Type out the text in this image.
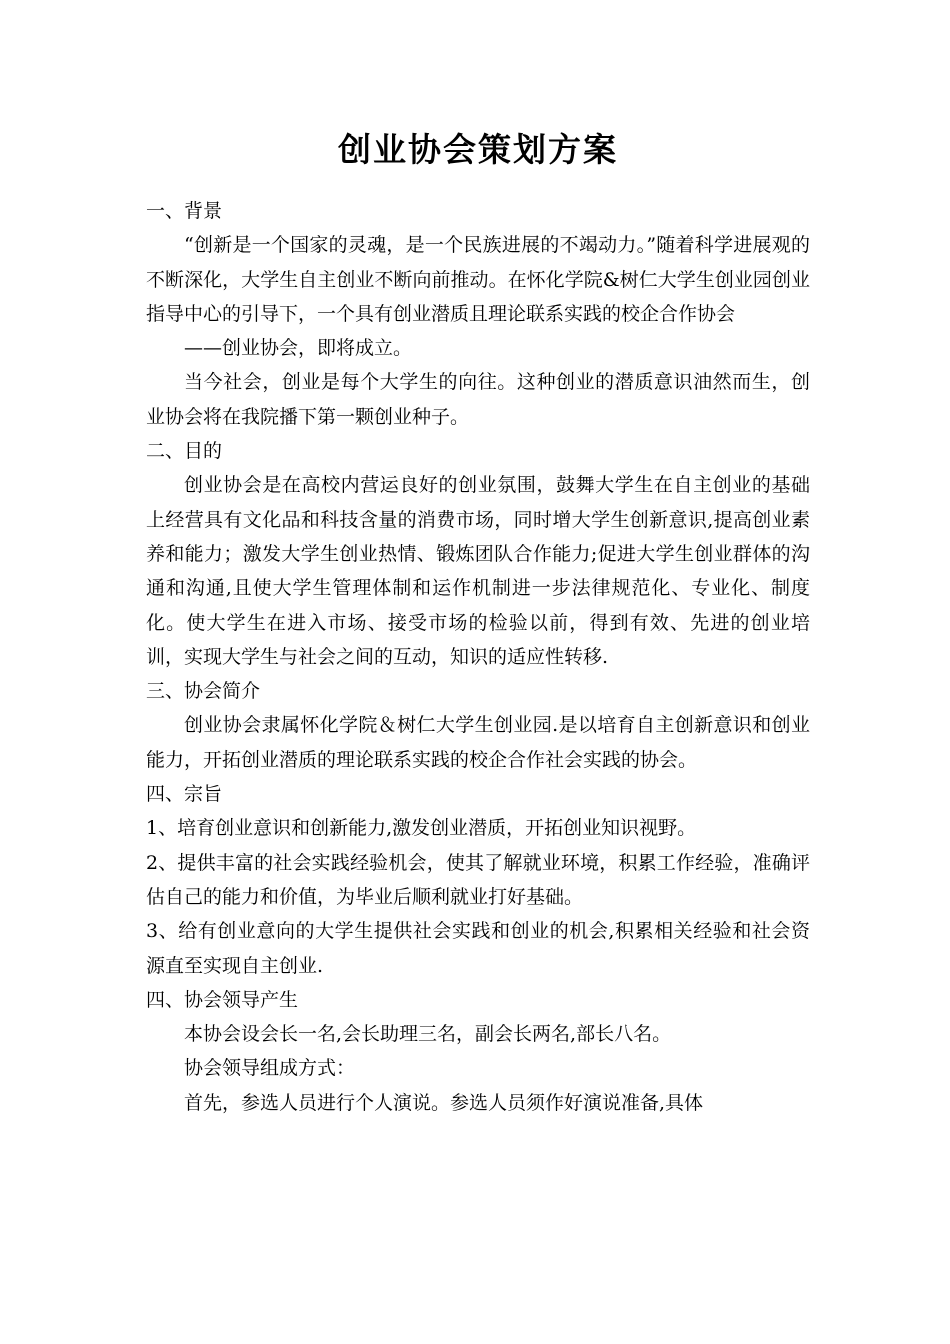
创业协会策划方案

一、背景

“创新是一个国家的灵魂，是一个民族进展的不竭动力。”随着科学进展观的不断深化，大学生自主创业不断向前推动。在怀化学院&树仁大学生创业园创业指导中心的引导下，一个具有创业潜质且理论联系实践的校企合作协会

——创业协会，即将成立。

当今社会，创业是每个大学生的向往。这种创业的潜质意识油然而生，创业协会将在我院播下第一颗创业种子。

二、目的

创业协会是在高校内营运良好的创业氛围，鼓舞大学生在自主创业的基础上经营具有文化品和科技含量的消费市场，同时增大学生创新意识,提高创业素养和能力；激发大学生创业热情、锻炼团队合作能力;促进大学生创业群体的沟通和沟通,且使大学生管理体制和运作机制进一步法律规范化、专业化、制度化。使大学生在进入市场、接受市场的检验以前，得到有效、先进的创业培训，实现大学生与社会之间的互动，知识的适应性转移.

三、协会简介

创业协会隶属怀化学院＆树仁大学生创业园.是以培育自主创新意识和创业能力，开拓创业潜质的理论联系实践的校企合作社会实践的协会。

四、宗旨

1、培育创业意识和创新能力,激发创业潜质，开拓创业知识视野。

2、提供丰富的社会实践经验机会，使其了解就业环境，积累工作经验，准确评估自己的能力和价值，为毕业后顺利就业打好基础。

3、给有创业意向的大学生提供社会实践和创业的机会,积累相关经验和社会资源直至实现自主创业.

四、协会领导产生

本协会设会长一名,会长助理三名，副会长两名,部长八名。

协会领导组成方式：

首先，参选人员进行个人演说。参选人员须作好演说准备,具体
